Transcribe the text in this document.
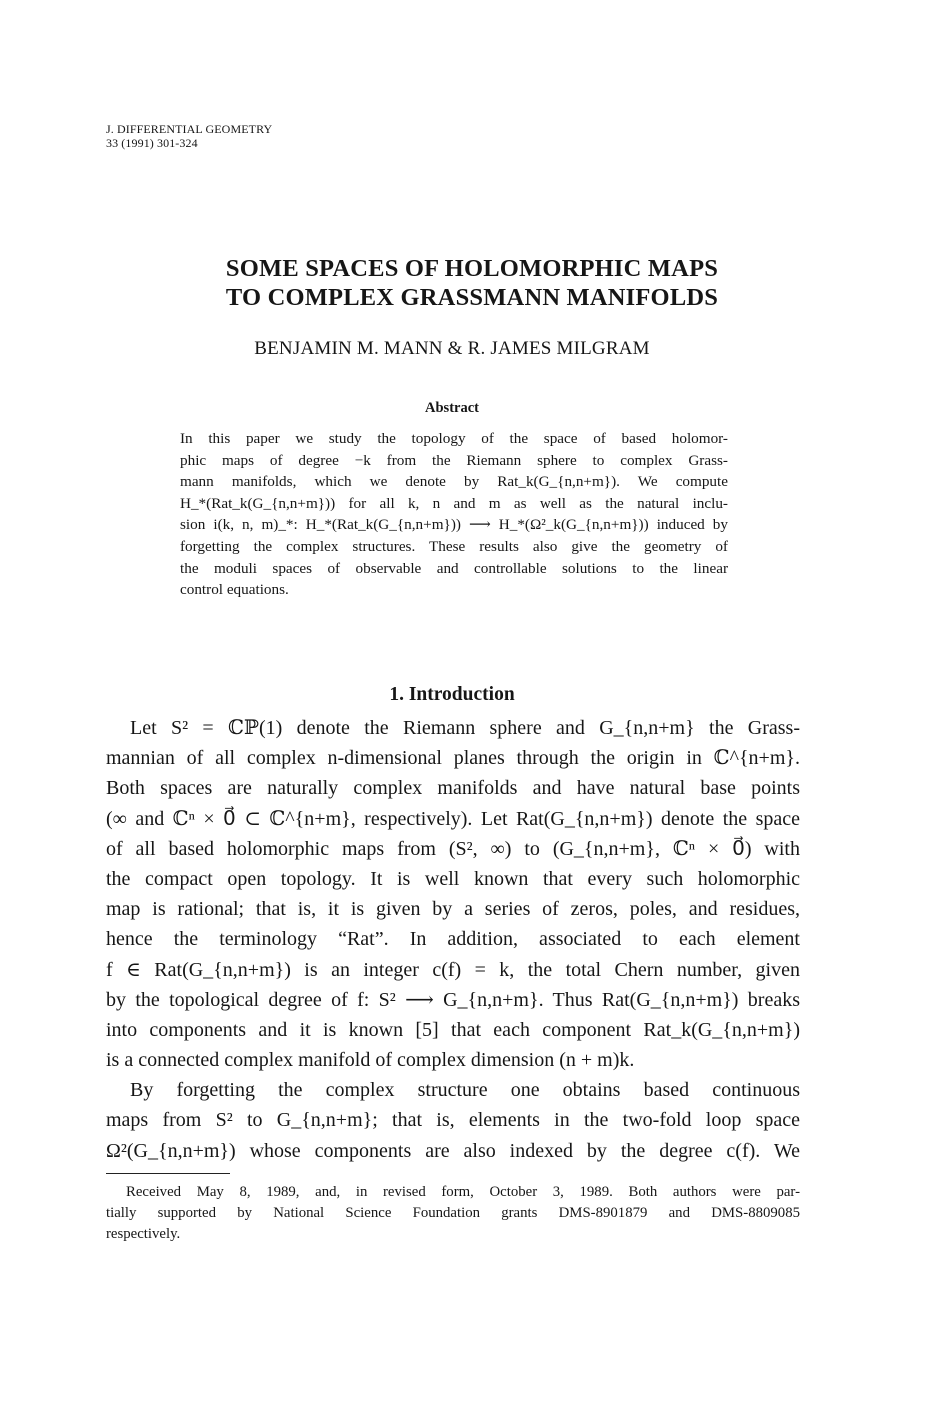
J. DIFFERENTIAL GEOMETRY
33 (1991) 301-324
SOME SPACES OF HOLOMORPHIC MAPS
TO COMPLEX GRASSMANN MANIFOLDS
BENJAMIN M. MANN & R. JAMES MILGRAM
Abstract
In this paper we study the topology of the space of based holomor-
phic maps of degree −k from the Riemann sphere to complex Grass-
mann manifolds, which we denote by Rat_k(G_{n,n+m}). We compute
H_*(Rat_k(G_{n,n+m})) for all k, n and m as well as the natural inclu-
sion i(k, n, m)_*: H_*(Rat_k(G_{n,n+m})) ⟶ H_*(Ω²_k(G_{n,n+m})) induced by
forgetting the complex structures. These results also give the geometry of
the moduli spaces of observable and controllable solutions to the linear
control equations.
1. Introduction
Let S² = ℂℙ(1) denote the Riemann sphere and G_{n,n+m} the Grass-
mannian of all complex n-dimensional planes through the origin in ℂ^{n+m}.
Both spaces are naturally complex manifolds and have natural base points
(∞ and ℂⁿ × 0⃗ ⊂ ℂ^{n+m}, respectively). Let Rat(G_{n,n+m}) denote the space
of all based holomorphic maps from (S², ∞) to (G_{n,n+m}, ℂⁿ × 0⃗) with
the compact open topology. It is well known that every such holomorphic
map is rational; that is, it is given by a series of zeros, poles, and residues,
hence the terminology “Rat”. In addition, associated to each element
f ∈ Rat(G_{n,n+m}) is an integer c(f) = k, the total Chern number, given
by the topological degree of f: S² ⟶ G_{n,n+m}. Thus Rat(G_{n,n+m}) breaks
into components and it is known [5] that each component Rat_k(G_{n,n+m})
is a connected complex manifold of complex dimension (n + m)k.
By forgetting the complex structure one obtains based continuous
maps from S² to G_{n,n+m}; that is, elements in the two-fold loop space
Ω²(G_{n,n+m}) whose components are also indexed by the degree c(f). We
Received May 8, 1989, and, in revised form, October 3, 1989. Both authors were par-
tially supported by National Science Foundation grants DMS-8901879 and DMS-8809085
respectively.
